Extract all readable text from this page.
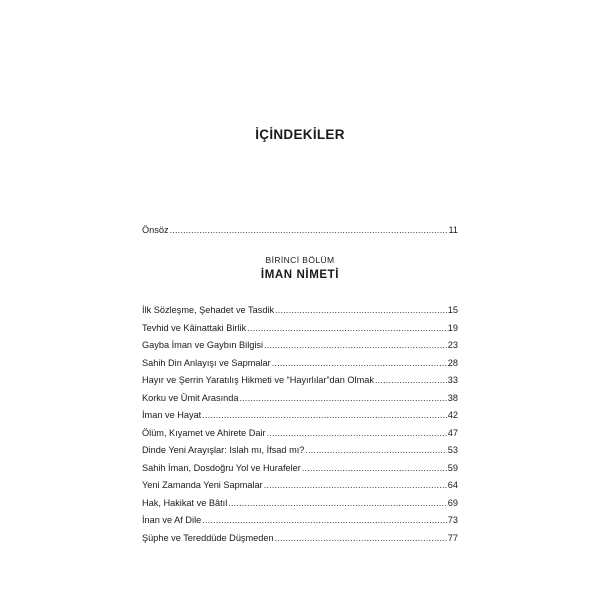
İÇİNDEKİLER
Önsöz .....	11
BİRİNCİ BÖLÜM
İMAN NİMETİ
İlk Sözleşme, Şehadet ve Tasdik .....	15
Tevhid ve Kâinattaki Birlik .....	19
Gayba İman ve Gaybın Bilgisi .....	23
Sahih Din Anlayışı ve Sapmalar .....	28
Hayır ve Şerrin Yaratılış Hikmeti ve “Hayırlılar”dan Olmak .....	33
Korku ve Ümit Arasında .....	38
İman ve Hayat .....	42
Ölüm, Kıyamet ve Ahirete Dair .....	47
Dinde Yeni Arayışlar: Islah mı, İfsad mı? .....	53
Sahih İman, Dosdoğru Yol ve Hurafeler .....	59
Yeni Zamanda Yeni Sapmalar .....	64
Hak, Hakikat ve Bâtıl .....	69
İnan ve Af Dile .....	73
Şüphe ve Tereddüde Düşmeden .....	77
